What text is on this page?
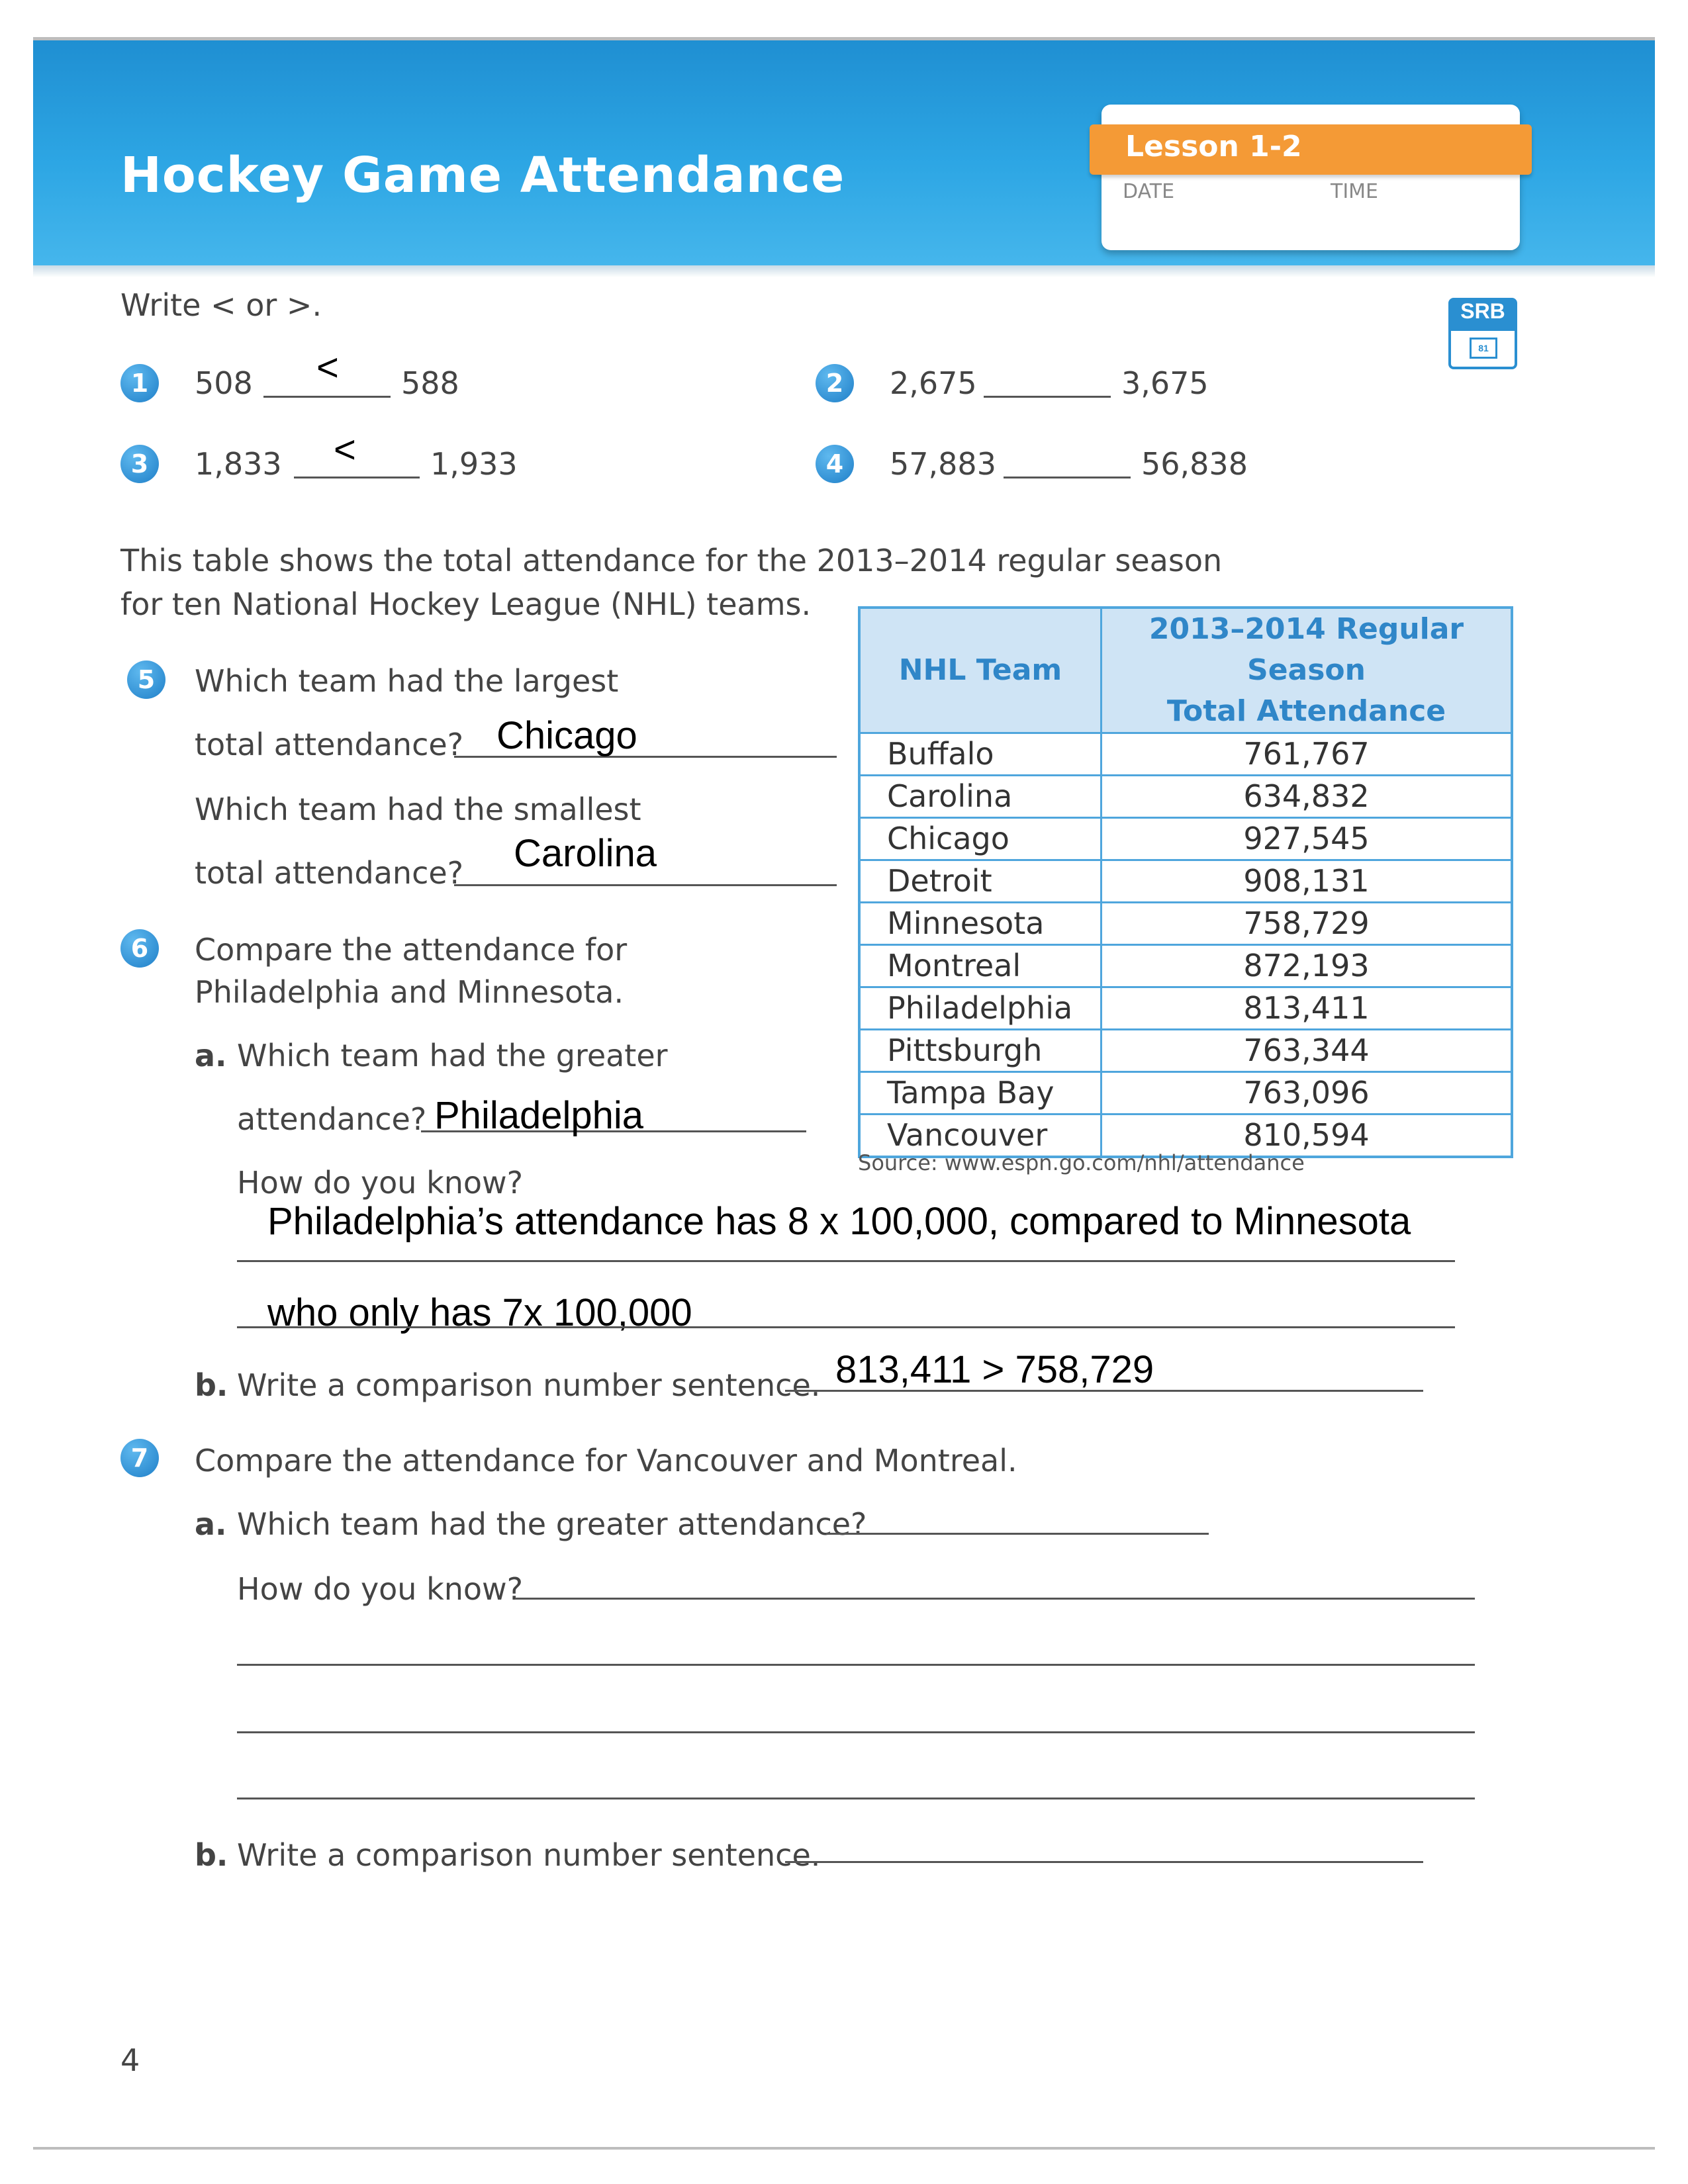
Hockey Game Attendance
Lesson 1-2
DATE	TIME
SRB
81
Write < or >.
1	508 < 588	2	2,675	3,675
3	1,833 < 1,933	4	57,883	56,838
This table shows the total attendance for the 2013–2014 regular season
for ten National Hockey League (NHL) teams.
5	Which team had the largest
total attendance? Chicago
Which team had the smallest
total attendance? Carolina
6	Compare the attendance for
Philadelphia and Minnesota.
a. Which team had the greater
attendance? Philadelphia
How do you know?
Philadelphia’s attendance has 8 x 100,000, compared to Minnesota
who only has 7x 100,000
b. Write a comparison number sentence. 813,411 > 758,729
7	Compare the attendance for Vancouver and Montreal.
a. Which team had the greater attendance?
How do you know?
b. Write a comparison number sentence.
NHL Team	2013–2014 Regular Season
Total Attendance

Buffalo	761,767
Carolina	634,832
Chicago	927,545
Detroit	908,131
Minnesota	758,729
Montreal	872,193
Philadelphia	813,411
Pittsburgh	763,344
Tampa Bay	763,096
Vancouver	810,594
Source: www.espn.go.com/nhl/attendance
4
